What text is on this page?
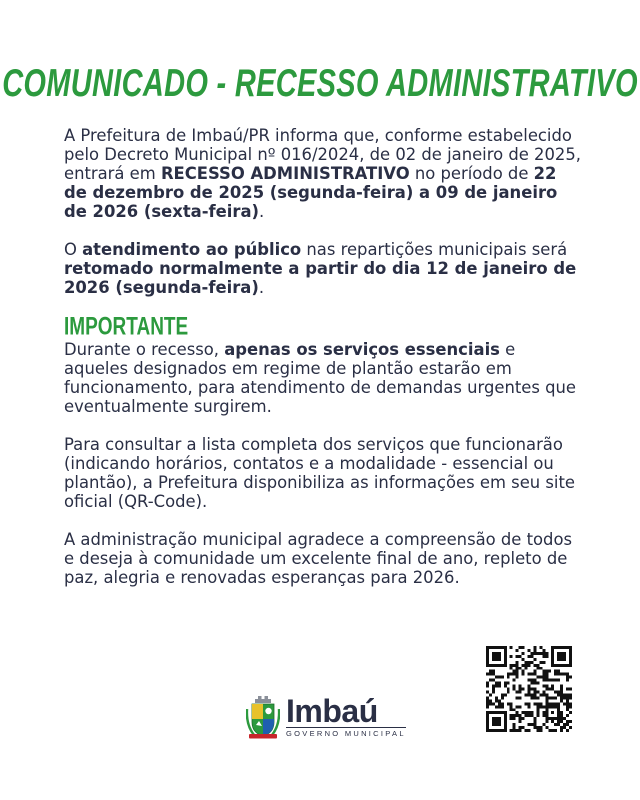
COMUNICADO - RECESSO ADMINISTRATIVO

A Prefeitura de Imbaú/PR informa que, conforme estabelecido pelo Decreto Municipal nº 016/2024, de 02 de janeiro de 2025, entrará em RECESSO ADMINISTRATIVO no período de 22 de dezembro de 2025 (segunda-feira) a 09 de janeiro de 2026 (sexta-feira).

O atendimento ao público nas repartições municipais será retomado normalmente a partir do dia 12 de janeiro de 2026 (segunda-feira).

IMPORTANTE

Durante o recesso, apenas os serviços essenciais e aqueles designados em regime de plantão estarão em funcionamento, para atendimento de demandas urgentes que eventualmente surgirem.

Para consultar a lista completa dos serviços que funcionarão (indicando horários, contatos e a modalidade - essencial ou plantão), a Prefeitura disponibiliza as informações em seu site oficial (QR-Code).

A administração municipal agradece a compreensão de todos e deseja à comunidade um excelente final de ano, repleto de paz, alegria e renovadas esperanças para 2026.

Imbaú
GOVERNO MUNICIPAL
